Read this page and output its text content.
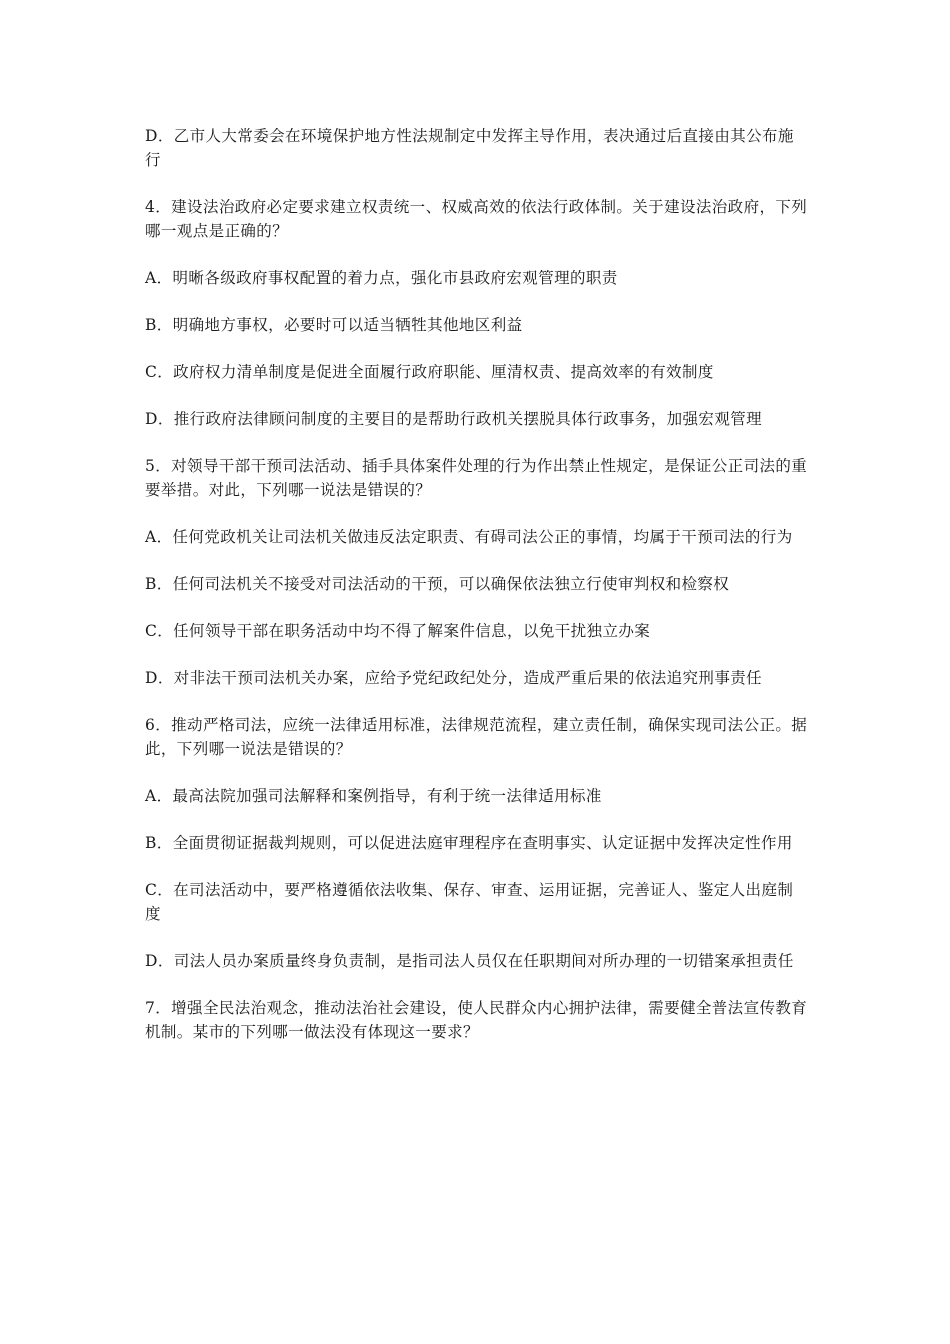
D．乙市人大常委会在环境保护地方性法规制定中发挥主导作用，表决通过后直接由其公布施行

4．建设法治政府必定要求建立权责统一、权威高效的依法行政体制。关于建设法治政府，下列哪一观点是正确的？

A．明晰各级政府事权配置的着力点，强化市县政府宏观管理的职责

B．明确地方事权，必要时可以适当牺牲其他地区利益

C．政府权力清单制度是促进全面履行政府职能、厘清权责、提高效率的有效制度

D．推行政府法律顾问制度的主要目的是帮助行政机关摆脱具体行政事务，加强宏观管理

5．对领导干部干预司法活动、插手具体案件处理的行为作出禁止性规定，是保证公正司法的重要举措。对此，下列哪一说法是错误的？

A．任何党政机关让司法机关做违反法定职责、有碍司法公正的事情，均属于干预司法的行为

B．任何司法机关不接受对司法活动的干预，可以确保依法独立行使审判权和检察权

C．任何领导干部在职务活动中均不得了解案件信息，以免干扰独立办案

D．对非法干预司法机关办案，应给予党纪政纪处分，造成严重后果的依法追究刑事责任

6．推动严格司法，应统一法律适用标准，法律规范流程，建立责任制，确保实现司法公正。据此，下列哪一说法是错误的？

A．最高法院加强司法解释和案例指导，有利于统一法律适用标准

B．全面贯彻证据裁判规则，可以促进法庭审理程序在查明事实、认定证据中发挥决定性作用

C．在司法活动中，要严格遵循依法收集、保存、审查、运用证据，完善证人、鉴定人出庭制度

D．司法人员办案质量终身负责制，是指司法人员仅在任职期间对所办理的一切错案承担责任

7．增强全民法治观念，推动法治社会建设，使人民群众内心拥护法律，需要健全普法宣传教育机制。某市的下列哪一做法没有体现这一要求？
